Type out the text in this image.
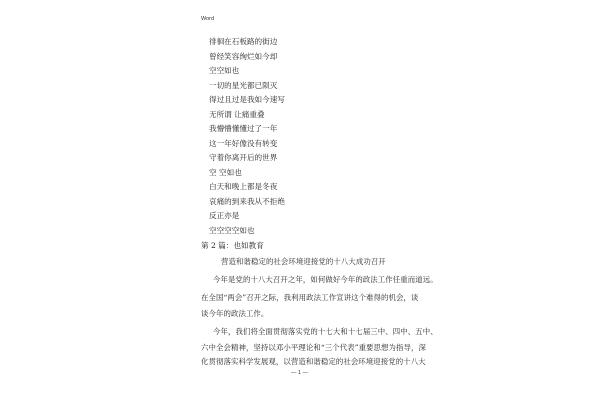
Word
徘徊在石板路的街边
曾经笑容绚烂如今却
空空如也
一切的星光都已陨灭
得过且过是我如今速写
无所谓 让痛重叠
我懵懵懂懂过了一年
这一年好像没有转变
守着你离开后的世界
空 空如也
白天和晚上都是冬夜
哀痛的到来我从不拒绝
第 2 篇：也如教育
营造和谐稳定的社会环境迎接党的十八大成功召开
今年是党的十八大召开之年，如何做好今年的政法工作任重而道远。
在全国“两会”召开之际，我利用政法工作宣讲这个难得的机会，谈
谈今年的政法工作。
今年，我们将全面贯彻落实党的十七大和十七届三中、四中、五中、
六中全会精神，坚持以邓小平理论和“三个代表”重要思想为指导，深
— 1 —
反正亦是
空空空空如也
化贯彻落实科学发展观，以营造和谐稳定的社会环境迎接党的十八大
